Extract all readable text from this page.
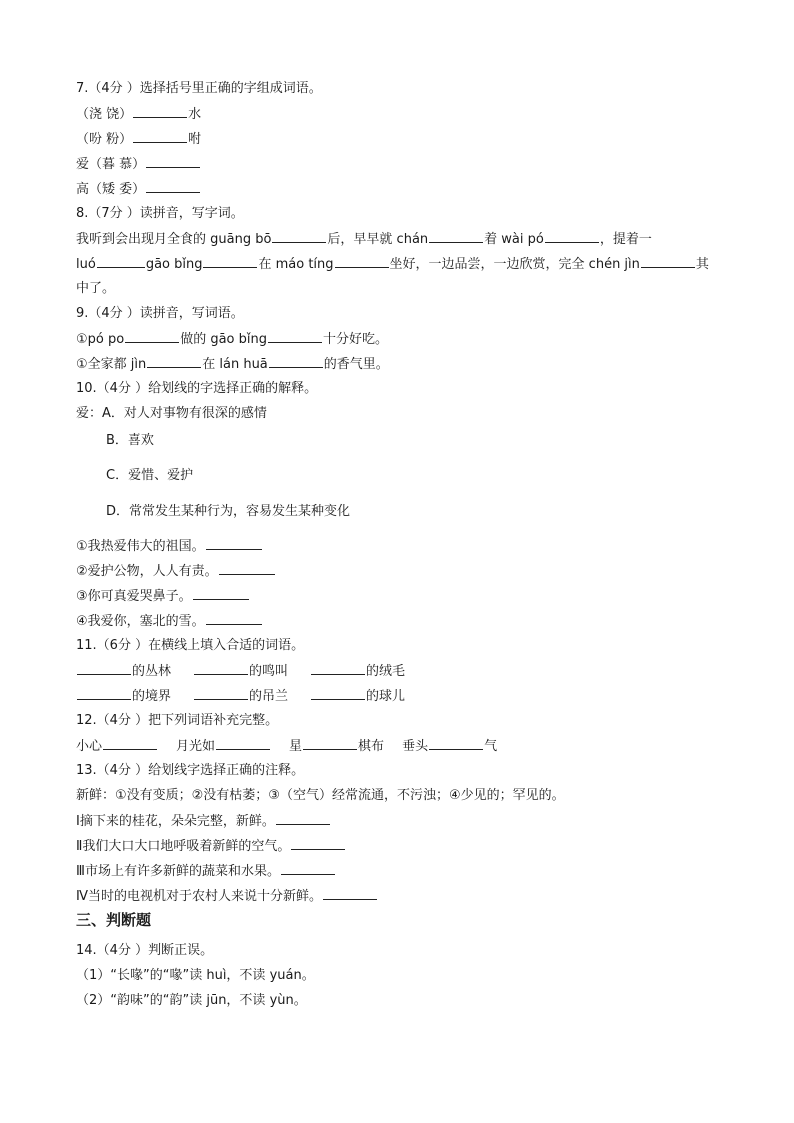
7.（4分 ）选择括号里正确的字组成词语。
（浇 饶）	水
（吩 粉）	咐
爱（暮 慕）
高（矮 委）
8.（7分 ）读拼音，写字词。
我听到会出现月全食的 guāng bō	后，早早就 chán	着 wài pó	，提着一
luó	gāo bǐng	在 máo tíng	坐好，一边品尝，一边欣赏，完全 chén jìn	其
中了。
9.（4分 ）读拼音，写词语。
①pó po	做的 gāo bǐng	十分好吃。
①全家都 jìn	在 lán huā	的香气里。
10.（4分 ）给划线的字选择正确的解释。
爱：A．对人对事物有很深的感情
B．喜欢
C．爱惜、爱护
D．常常发生某种行为，容易发生某种变化
①我热爱伟大的祖国。
②爱护公物，人人有责。
③你可真爱哭鼻子。
④我爱你，塞北的雪。
11.（6分 ）在横线上填入合适的词语。
的丛林	的鸣叫	的绒毛
的境界	的吊兰	的球儿
12.（4分 ）把下列词语补充完整。
小心	月光如	星	棋布 垂头	气
13.（4分 ）给划线字选择正确的注释。
新鲜：①没有变质；②没有枯萎；③（空气）经常流通，不污浊；④少见的；罕见的。
Ⅰ摘下来的桂花，朵朵完整，新鲜。
Ⅱ我们大口大口地呼吸着新鲜的空气。
Ⅲ市场上有许多新鲜的蔬菜和水果。
Ⅳ当时的电视机对于农村人来说十分新鲜。
三、判断题
14.（4分 ）判断正误。
（1）“长喙”的“喙”读 huì，不读 yuán。
（2）“韵味”的“韵”读 jūn，不读 yùn。
